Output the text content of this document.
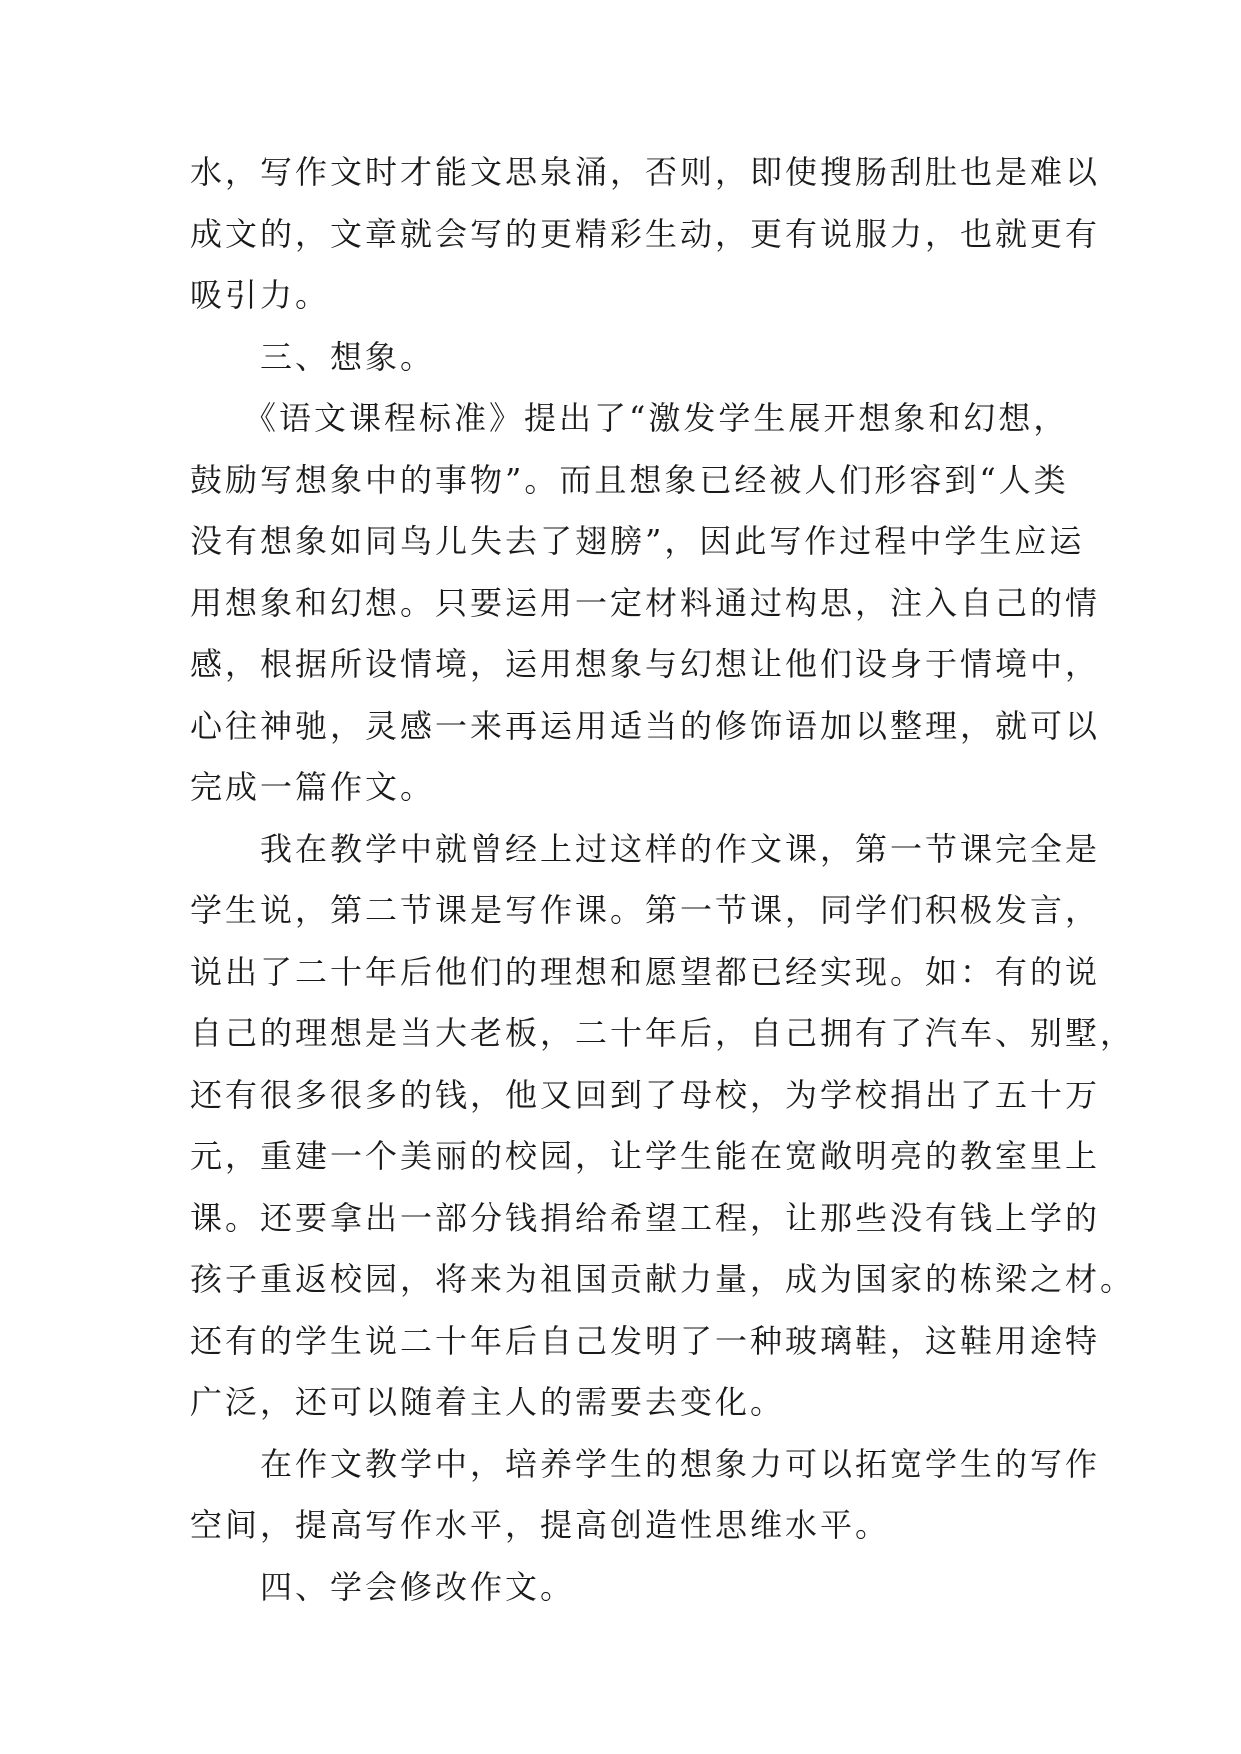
水，写作文时才能文思泉涌，否则，即使搜肠刮肚也是难以
成文的，文章就会写的更精彩生动，更有说服力，也就更有
吸引力。
　　三、想象。
　　《语文课程标准》提出了“激发学生展开想象和幻想，
鼓励写想象中的事物”。而且想象已经被人们形容到“人类
没有想象如同鸟儿失去了翅膀”，因此写作过程中学生应运
用想象和幻想。只要运用一定材料通过构思，注入自己的情
感，根据所设情境，运用想象与幻想让他们设身于情境中，
心往神驰，灵感一来再运用适当的修饰语加以整理，就可以
完成一篇作文。
　　我在教学中就曾经上过这样的作文课，第一节课完全是
学生说，第二节课是写作课。第一节课，同学们积极发言，
说出了二十年后他们的理想和愿望都已经实现。如：有的说
自己的理想是当大老板，二十年后，自己拥有了汽车、别墅，
还有很多很多的钱，他又回到了母校，为学校捐出了五十万
元，重建一个美丽的校园，让学生能在宽敞明亮的教室里上
课。还要拿出一部分钱捐给希望工程，让那些没有钱上学的
孩子重返校园，将来为祖国贡献力量，成为国家的栋梁之材。
还有的学生说二十年后自己发明了一种玻璃鞋，这鞋用途特
广泛，还可以随着主人的需要去变化。
　　在作文教学中，培养学生的想象力可以拓宽学生的写作
空间，提高写作水平，提高创造性思维水平。
　　四、学会修改作文。
